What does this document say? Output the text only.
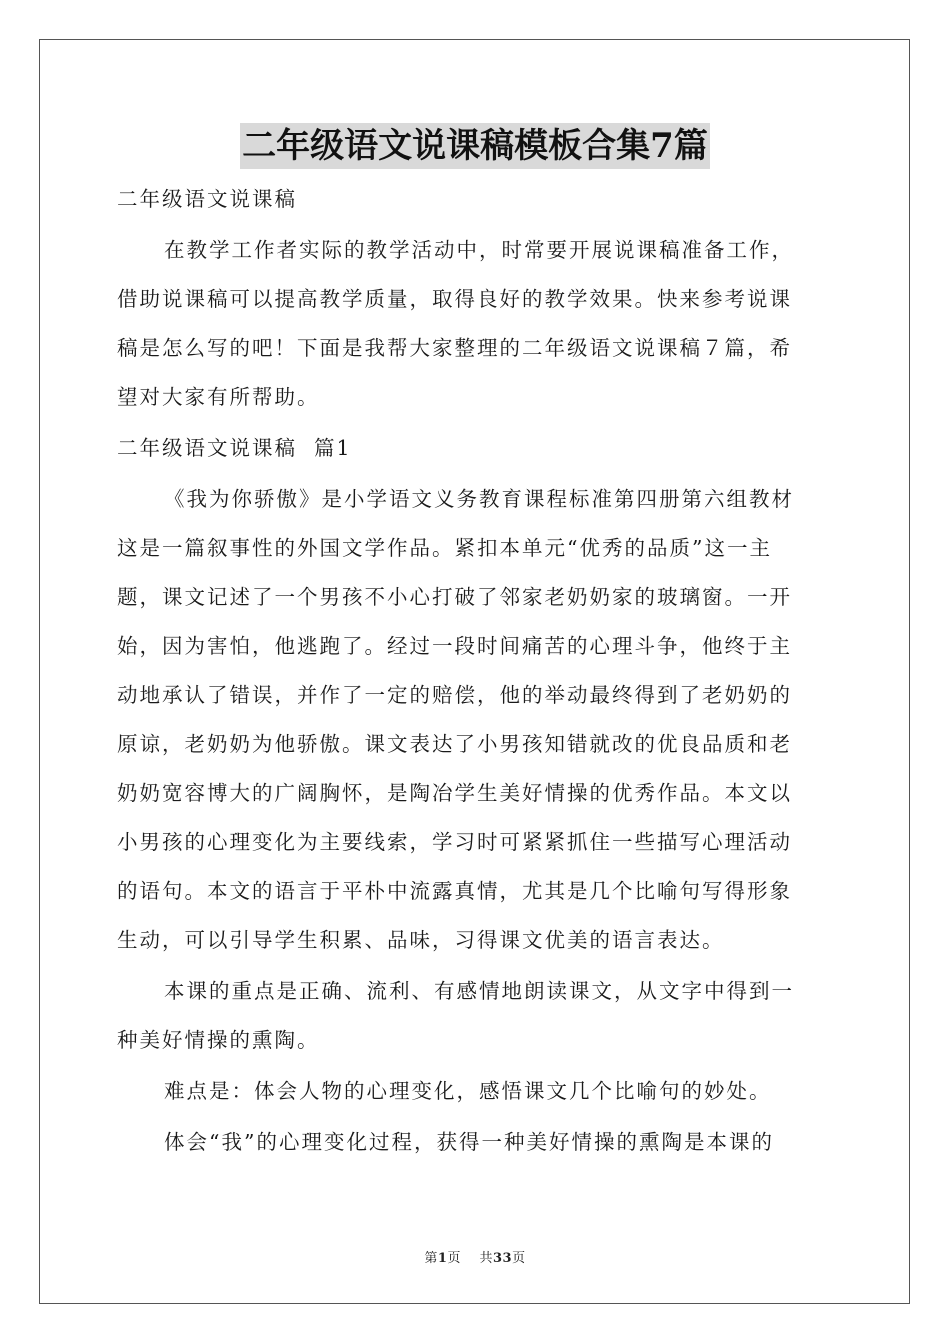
二年级语文说课稿模板合集7篇
二年级语文说课稿
在教学工作者实际的教学活动中，时常要开展说课稿准备工作，
借助说课稿可以提高教学质量，取得良好的教学效果。快来参考说课
稿是怎么写的吧！下面是我帮大家整理的二年级语文说课稿７篇，希
望对大家有所帮助。
二年级语文说课稿  篇1
《我为你骄傲》是小学语文义务教育课程标准第四册第六组教材
这是一篇叙事性的外国文学作品。紧扣本单元“优秀的品质”这一主
题，课文记述了一个男孩不小心打破了邻家老奶奶家的玻璃窗。一开
始，因为害怕，他逃跑了。经过一段时间痛苦的心理斗争，他终于主
动地承认了错误，并作了一定的赔偿，他的举动最终得到了老奶奶的
原谅，老奶奶为他骄傲。课文表达了小男孩知错就改的优良品质和老
奶奶宽容博大的广阔胸怀，是陶冶学生美好情操的优秀作品。本文以
小男孩的心理变化为主要线索，学习时可紧紧抓住一些描写心理活动
的语句。本文的语言于平朴中流露真情，尤其是几个比喻句写得形象
生动，可以引导学生积累、品味，习得课文优美的语言表达。
本课的重点是正确、流利、有感情地朗读课文，从文字中得到一
种美好情操的熏陶。
难点是：体会人物的心理变化，感悟课文几个比喻句的妙处。
体会“我”的心理变化过程，获得一种美好情操的熏陶是本课的
第1页 共33页
